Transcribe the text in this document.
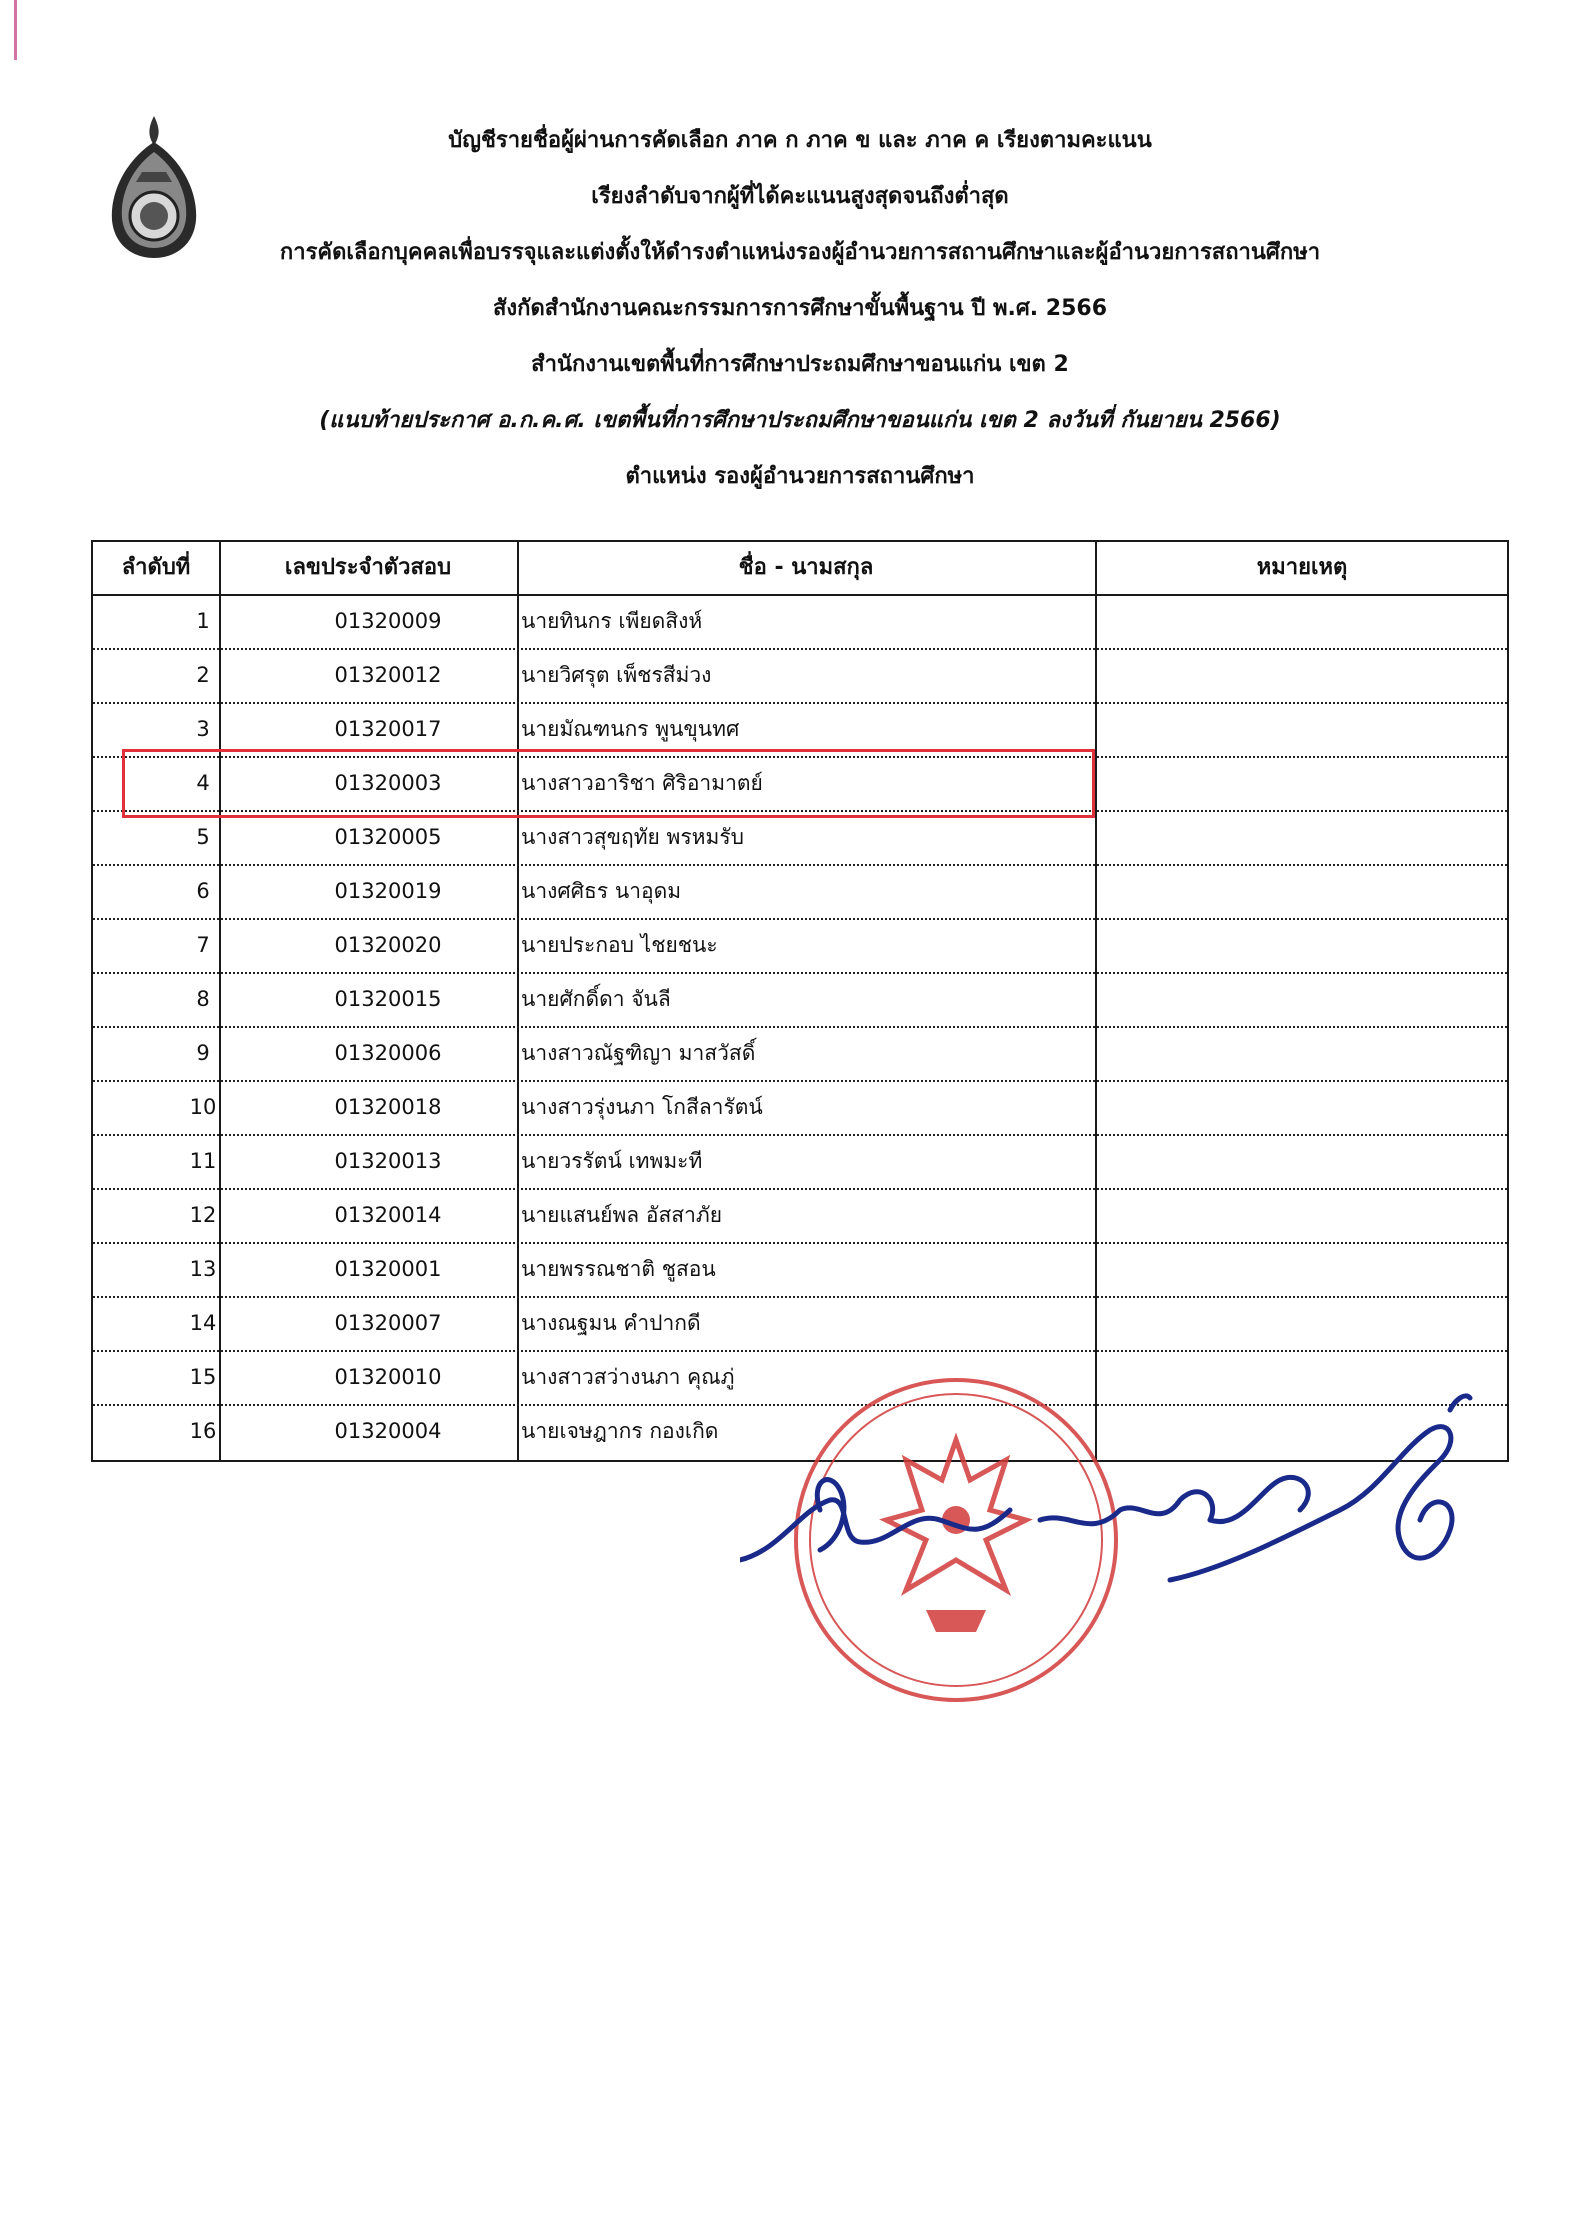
บัญชีรายชื่อผู้ผ่านการคัดเลือก ภาค ก ภาค ข และ ภาค ค เรียงตามคะแนน
เรียงลำดับจากผู้ที่ได้คะแนนสูงสุดจนถึงต่ำสุด
การคัดเลือกบุคคลเพื่อบรรจุและแต่งตั้งให้ดำรงตำแหน่งรองผู้อำนวยการสถานศึกษาและผู้อำนวยการสถานศึกษา
สังกัดสำนักงานคณะกรรมการการศึกษาขั้นพื้นฐาน ปี พ.ศ. 2566
สำนักงานเขตพื้นที่การศึกษาประถมศึกษาขอนแก่น เขต 2
(แนบท้ายประกาศ อ.ก.ค.ศ. เขตพื้นที่การศึกษาประถมศึกษาขอนแก่น เขต 2 ลงวันที่ กันยายน 2566)
ตำแหน่ง รองผู้อำนวยการสถานศึกษา
ลำดับที่	เลขประจำตัวสอบ	ชื่อ - นามสกุล	หมายเหตุ
1	01320009	นายทินกร เพียดสิงห์
2	01320012	นายวิศรุต เพ็ชรสีม่วง
3	01320017	นายมัณฑนกร พูนขุนทศ
4	01320003	นางสาวอาริชา ศิริอามาตย์
5	01320005	นางสาวสุขฤทัย พรหมรับ
6	01320019	นางศศิธร นาอุดม
7	01320020	นายประกอบ ไชยชนะ
8	01320015	นายศักดิ์ดา จันลี
9	01320006	นางสาวณัฐฑิญา มาสวัสดิ์
10	01320018	นางสาวรุ่งนภา โกสีลารัตน์
11	01320013	นายวรรัตน์ เทพมะที
12	01320014	นายแสนย์พล อัสสาภัย
13	01320001	นายพรรณชาติ ชูสอน
14	01320007	นางณฐมน คำปากดี
15	01320010	นางสาวสว่างนภา คุณภู่
16	01320004	นายเจษฎากร กองเกิด
